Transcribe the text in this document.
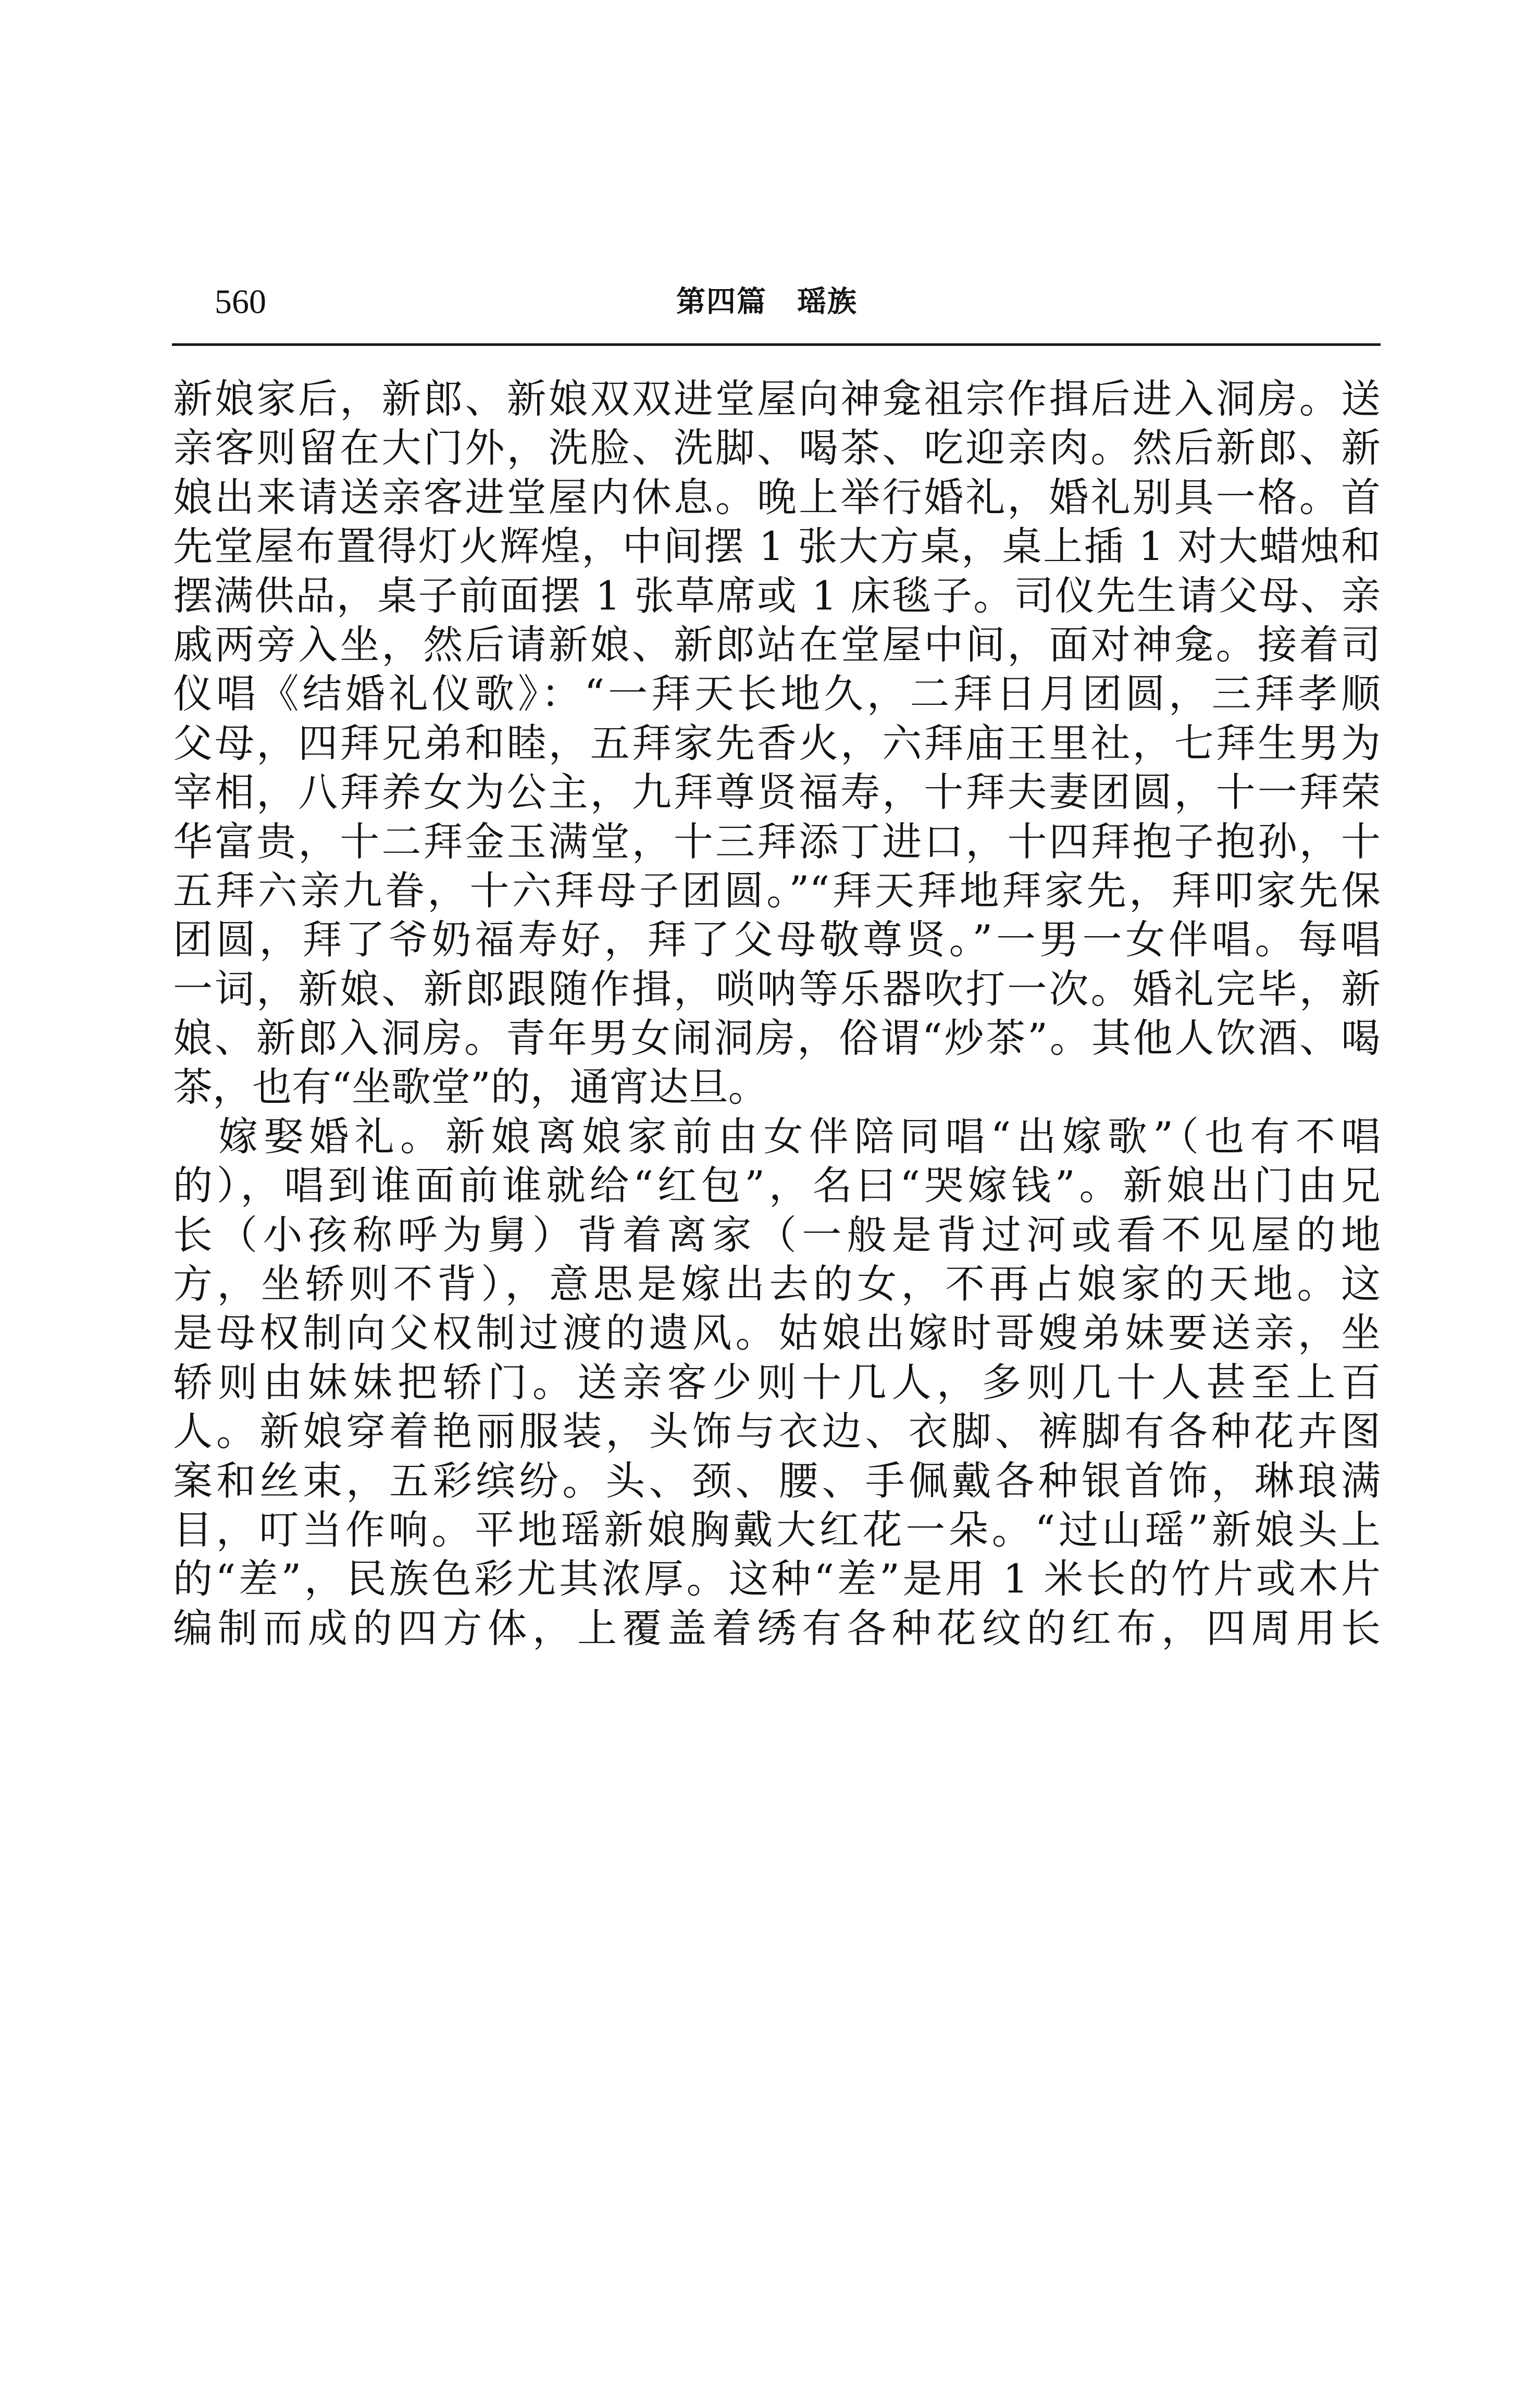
560	第四篇　瑶族
新娘家后，新郎、新娘双双进堂屋向神龛祖宗作揖后进入洞房。送
亲客则留在大门外，洗脸、洗脚、喝茶、吃迎亲肉。然后新郎、新
娘出来请送亲客进堂屋内休息。晚上举行婚礼，婚礼别具一格。首
先堂屋布置得灯火辉煌，中间摆 1 张大方桌，桌上插 1 对大蜡烛和
摆满供品，桌子前面摆 1 张草席或 1 床毯子。司仪先生请父母、亲
戚两旁入坐，然后请新娘、新郎站在堂屋中间，面对神龛。接着司
仪唱《结婚礼仪歌》：“一拜天长地久，二拜日月团圆，三拜孝顺
父母，四拜兄弟和睦，五拜家先香火，六拜庙王里社，七拜生男为
宰相，八拜养女为公主，九拜尊贤福寿，十拜夫妻团圆，十一拜荣
华富贵，十二拜金玉满堂，十三拜添丁进口，十四拜抱子抱孙，十
五拜六亲九眷，十六拜母子团圆。”“拜天拜地拜家先，拜叩家先保
团圆，拜了爷奶福寿好，拜了父母敬尊贤。”一男一女伴唱。每唱
一词，新娘、新郎跟随作揖，唢呐等乐器吹打一次。婚礼完毕，新
娘、新郎入洞房。青年男女闹洞房，俗谓“炒茶”。其他人饮酒、喝
茶，也有“坐歌堂”的，通宵达旦。
　嫁娶婚礼。新娘离娘家前由女伴陪同唱“出嫁歌”（也有不唱
的），唱到谁面前谁就给“红包”，名曰“哭嫁钱”。新娘出门由兄
长（小孩称呼为舅）背着离家（一般是背过河或看不见屋的地
方，坐轿则不背），意思是嫁出去的女，不再占娘家的天地。这
是母权制向父权制过渡的遗风。姑娘出嫁时哥嫂弟妹要送亲，坐
轿则由妹妹把轿门。送亲客少则十几人，多则几十人甚至上百
人。新娘穿着艳丽服装，头饰与衣边、衣脚、裤脚有各种花卉图
案和丝束，五彩缤纷。头、颈、腰、手佩戴各种银首饰，琳琅满
目，叮当作响。平地瑶新娘胸戴大红花一朵。“过山瑶”新娘头上
的“差”，民族色彩尤其浓厚。这种“差”是用 1 米长的竹片或木片
编制而成的四方体，上覆盖着绣有各种花纹的红布，四周用长
